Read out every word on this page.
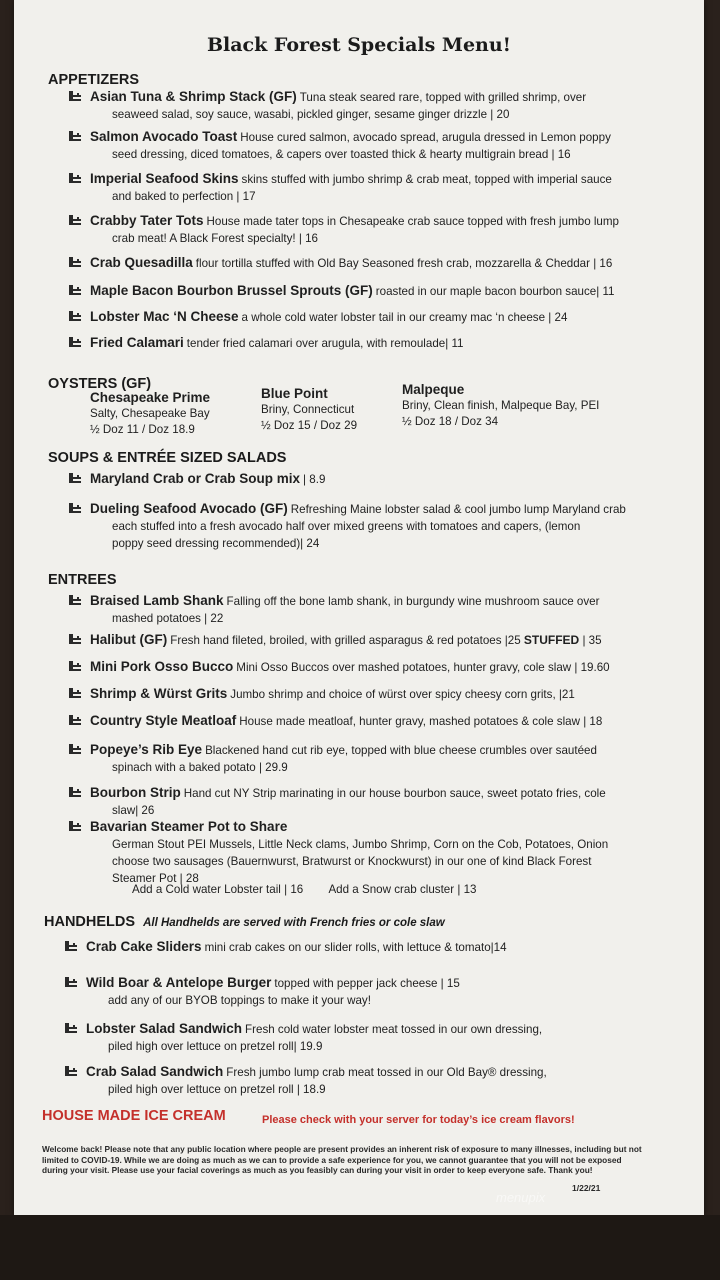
Black Forest Specials Menu!
APPETIZERS
Asian Tuna & Shrimp Stack (GF) Tuna steak seared rare, topped with grilled shrimp, over
seaweed salad, soy sauce, wasabi, pickled ginger, sesame ginger drizzle | 20
Salmon Avocado Toast House cured salmon, avocado spread, arugula dressed in Lemon poppy
seed dressing, diced tomatoes, & capers over toasted thick & hearty multigrain bread | 16
Imperial Seafood Skins skins stuffed with jumbo shrimp & crab meat, topped with imperial sauce
and baked to perfection | 17
Crabby Tater Tots House made tater tops in Chesapeake crab sauce topped with fresh jumbo lump
crab meat! A Black Forest specialty! | 16
Crab Quesadilla flour tortilla stuffed with Old Bay Seasoned fresh crab, mozzarella & Cheddar | 16
Maple Bacon Bourbon Brussel Sprouts (GF) roasted in our maple bacon bourbon sauce| 11
Lobster Mac ‘N Cheese a whole cold water lobster tail in our creamy mac ‘n cheese | 24
Fried Calamari tender fried calamari over arugula, with remoulade| 11
OYSTERS (GF)
Chesapeake Prime
Salty, Chesapeake Bay
½ Doz 11 / Doz 18.9
Blue Point
Briny, Connecticut
½ Doz 15 / Doz 29
Malpeque
Briny, Clean finish, Malpeque Bay, PEI
½ Doz 18 / Doz 34
SOUPS & ENTRÉE SIZED SALADS
Maryland Crab or Crab Soup mix | 8.9
Dueling Seafood Avocado (GF) Refreshing Maine lobster salad & cool jumbo lump Maryland crab
each stuffed into a fresh avocado half over mixed greens with tomatoes and capers, (lemon
poppy seed dressing recommended)| 24
ENTREES
Braised Lamb Shank Falling off the bone lamb shank, in burgundy wine mushroom sauce over
mashed potatoes | 22
Halibut (GF) Fresh hand fileted, broiled, with grilled asparagus & red potatoes |25 STUFFED | 35
Mini Pork Osso Bucco Mini Osso Buccos over mashed potatoes, hunter gravy, cole slaw | 19.60
Shrimp & Würst Grits Jumbo shrimp and choice of würst over spicy cheesy corn grits, |21
Country Style Meatloaf House made meatloaf, hunter gravy, mashed potatoes & cole slaw | 18
Popeye’s Rib Eye Blackened hand cut rib eye, topped with blue cheese crumbles over sautéed
spinach with a baked potato | 29.9
Bourbon Strip Hand cut NY Strip marinating in our house bourbon sauce, sweet potato fries, cole
slaw| 26
Bavarian Steamer Pot to Share
German Stout PEI Mussels, Little Neck clams, Jumbo Shrimp, Corn on the Cob, Potatoes, Onion
choose two sausages (Bauernwurst, Bratwurst or Knockwurst) in our one of kind Black Forest
Steamer Pot | 28
Add a Cold water Lobster tail | 16 Add a Snow crab cluster | 13
HANDHELDS All Handhelds are served with French fries or cole slaw
Crab Cake Sliders mini crab cakes on our slider rolls, with lettuce & tomato|14
Wild Boar & Antelope Burger topped with pepper jack cheese | 15
add any of our BYOB toppings to make it your way!
Lobster Salad Sandwich Fresh cold water lobster meat tossed in our own dressing,
piled high over lettuce on pretzel roll| 19.9
Crab Salad Sandwich Fresh jumbo lump crab meat tossed in our Old Bay® dressing,
piled high over lettuce on pretzel roll | 18.9
HOUSE MADE ICE CREAM	Please check with your server for today’s ice cream flavors!
Welcome back! Please note that any public location where people are present provides an inherent risk of exposure to many illnesses, including but not limited to COVID-19. While we are doing as much as we can to provide a safe experience for you, we cannot guarantee that you will not be exposed during your visit. Please use your facial coverings as much as you feasibly can during your visit in order to keep everyone safe. Thank you!
1/22/21
menupix
